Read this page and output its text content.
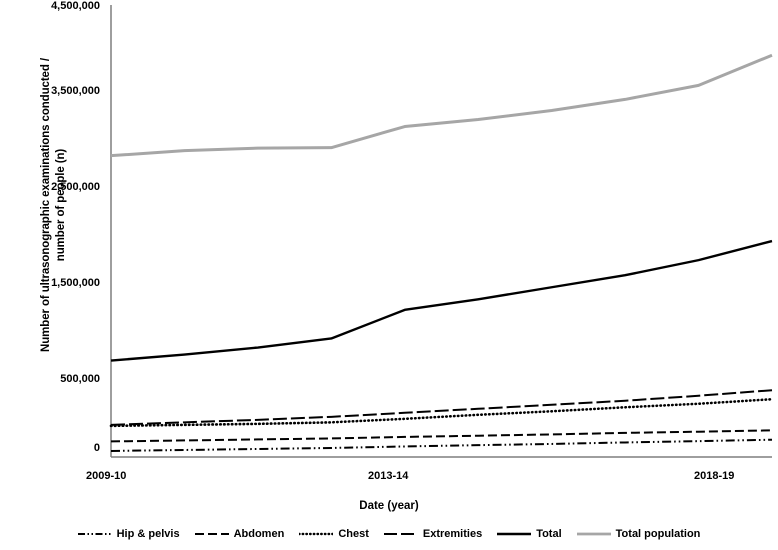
Number of ultrasonographic examinations conducted / number of people (n)
Date (year)
4,500,000
3,500,000
2,500,000
1,500,000
500,000
0
2009-10	2013-14	2018-19
Hip & pelvis	Abdomen	Chest	Extremities	Total	Total population
